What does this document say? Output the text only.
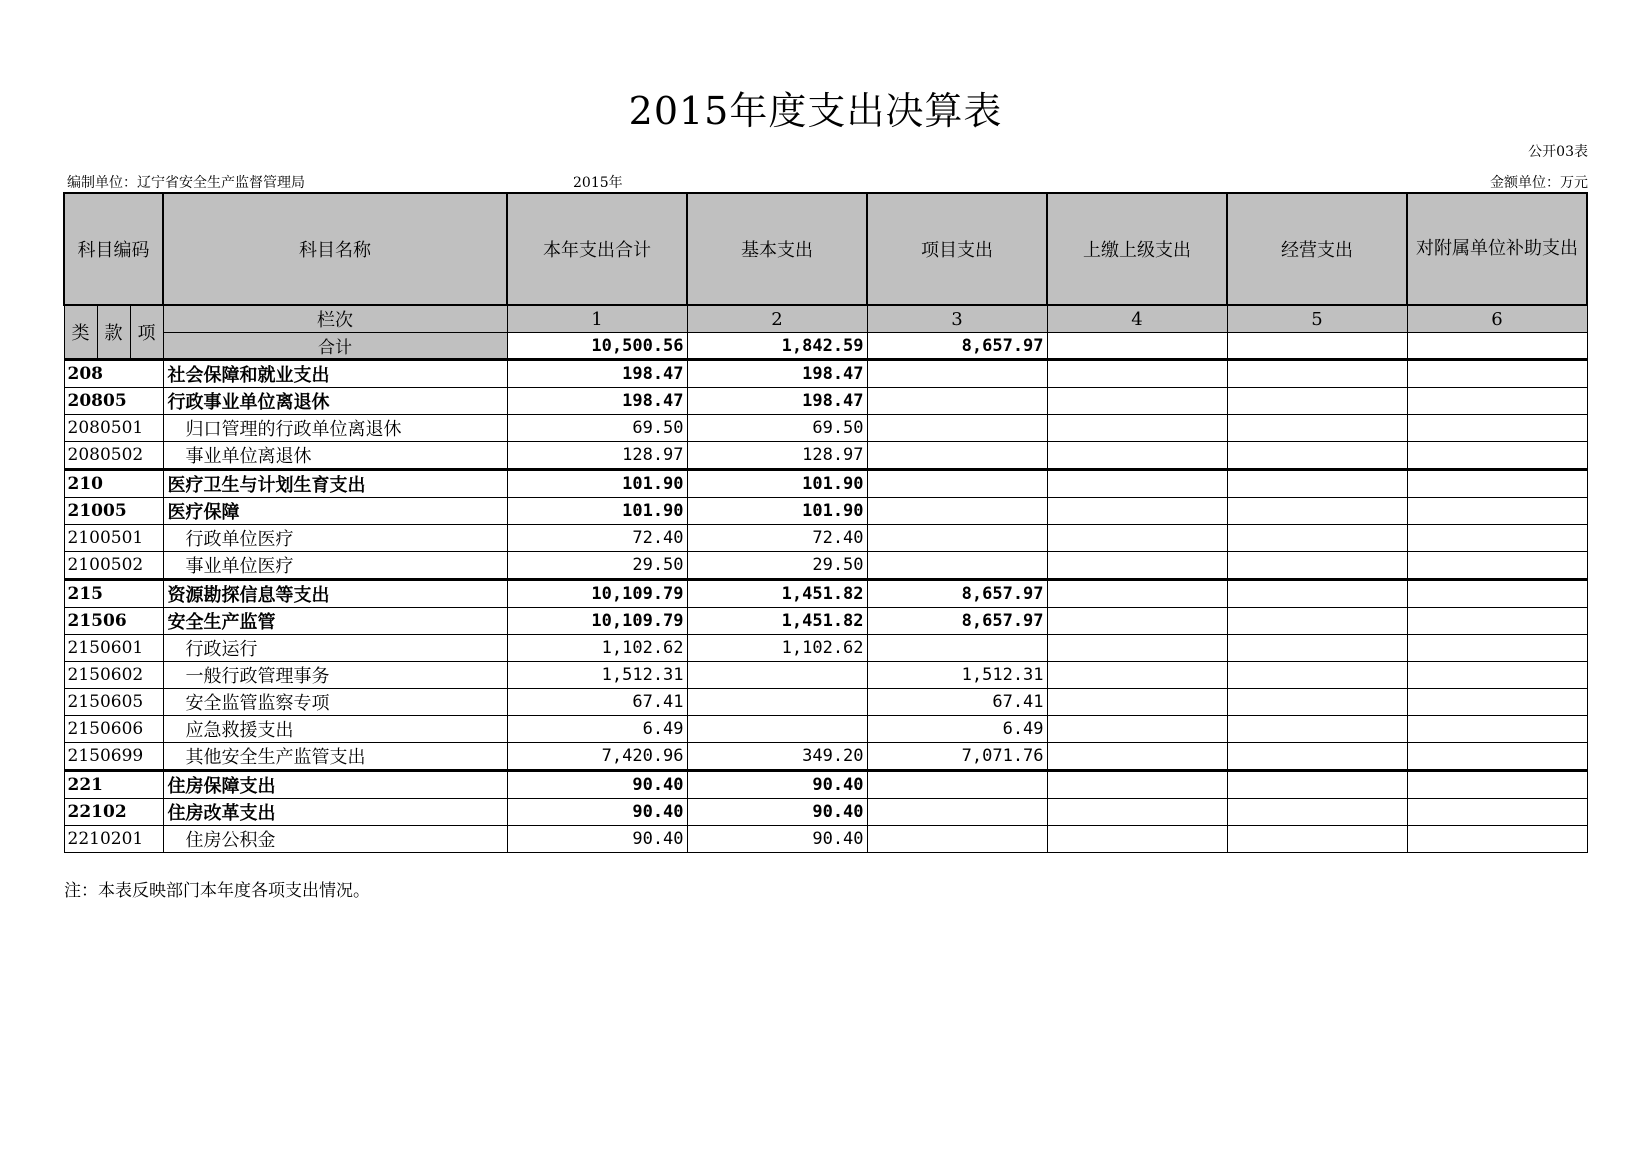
2015年度支出决算表
公开03表
编制单位：辽宁省安全生产监督管理局	2015年	金额单位：万元
科目编码			科目名称	本年支出合计	基本支出	项目支出	上缴上级支出	经营支出	对附属单位补助支出
类	款	项	栏次	1	2	3	4	5	6
			合计	10,500.56	1,842.59	8,657.97			
208			社会保障和就业支出	198.47	198.47				
20805			行政事业单位离退休	198.47	198.47				
2080501			归口管理的行政单位离退休	69.50	69.50				
2080502			事业单位离退休	128.97	128.97				
210			医疗卫生与计划生育支出	101.90	101.90				
21005			医疗保障	101.90	101.90				
2100501			行政单位医疗	72.40	72.40				
2100502			事业单位医疗	29.50	29.50				
215			资源勘探信息等支出	10,109.79	1,451.82	8,657.97			
21506			安全生产监管	10,109.79	1,451.82	8,657.97			
2150601			行政运行	1,102.62	1,102.62				
2150602			一般行政管理事务	1,512.31		1,512.31			
2150605			安全监管监察专项	67.41		67.41			
2150606			应急救援支出	6.49		6.49			
2150699			其他安全生产监管支出	7,420.96	349.20	7,071.76			
221			住房保障支出	90.40	90.40				
22102			住房改革支出	90.40	90.40				
2210201			住房公积金	90.40	90.40				
注：本表反映部门本年度各项支出情况。
